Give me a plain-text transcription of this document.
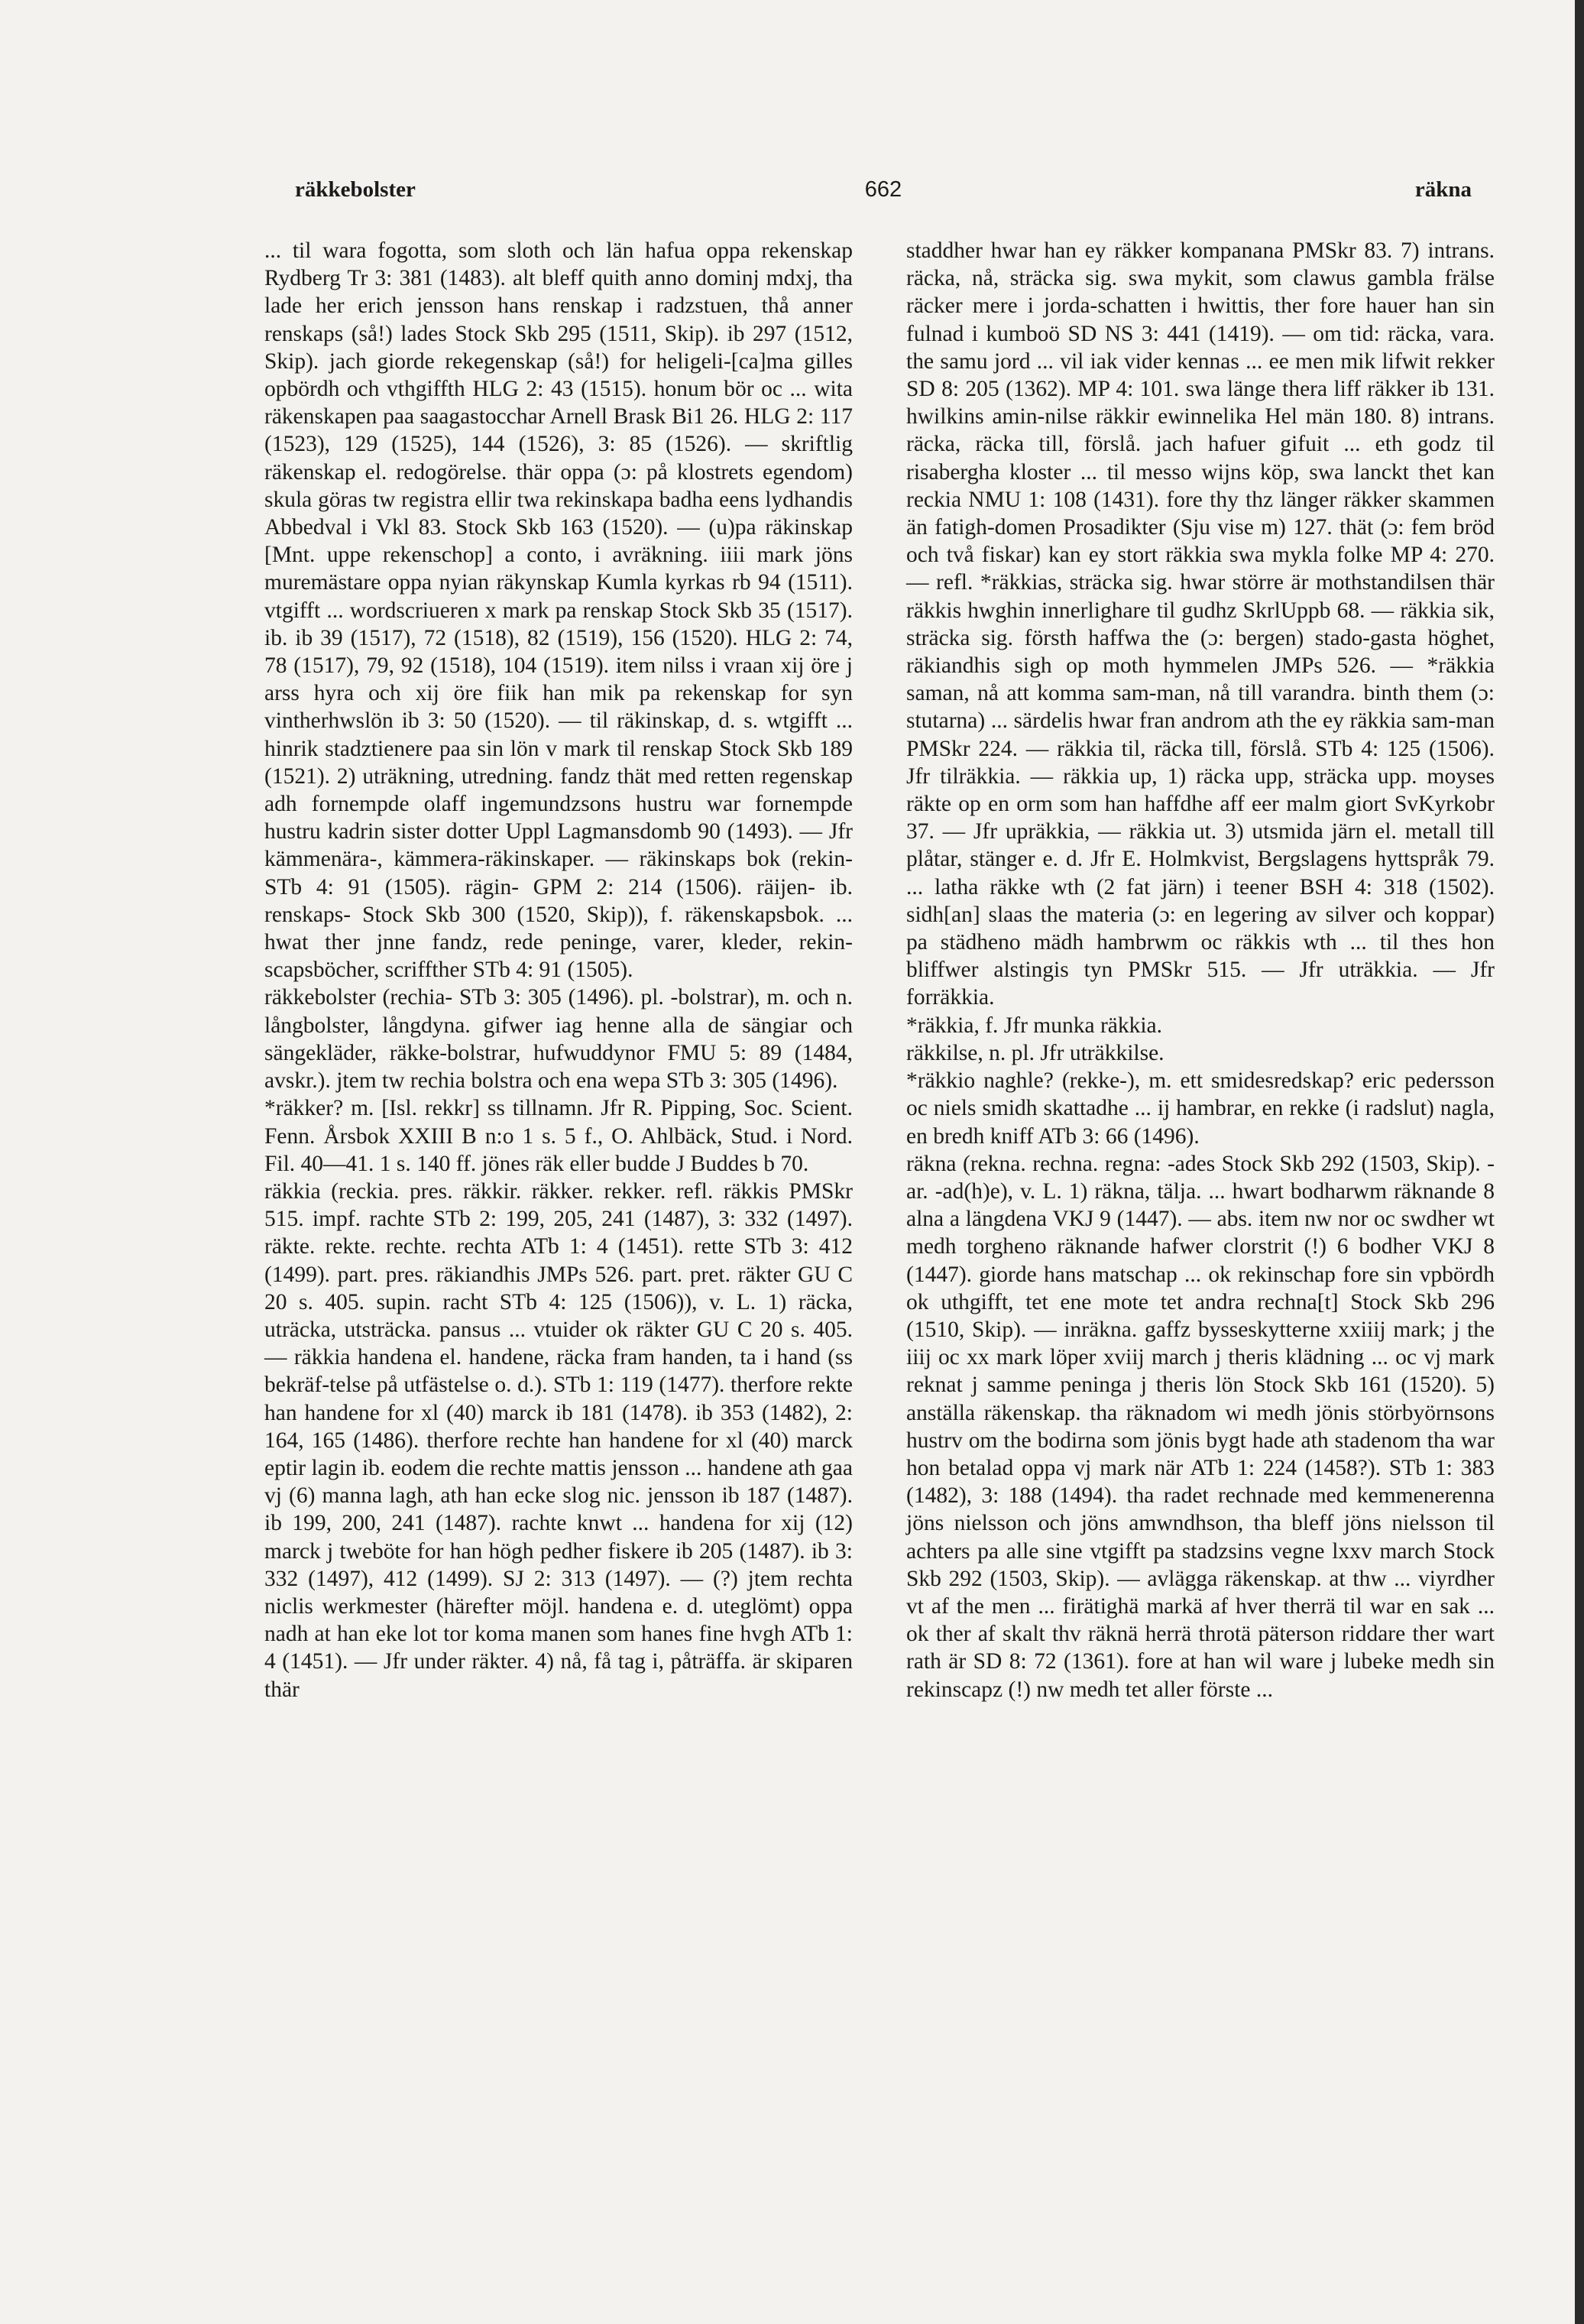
räkkebolster	662	räkna

... til wara fogotta, som sloth och län hafua oppa rekenskap Rydberg Tr 3: 381 (1483). alt bleff quith anno dominj mdxj, tha lade her erich jensson hans renskap i radzstuen, thå anner renskaps (så!) lades Stock Skb 295 (1511, Skip). ib 297 (1512, Skip). jach giorde rekegenskap (så!) for heligeli-[ca]ma gilles opbördh och vthgiffth HLG 2: 43 (1515). honum bör oc ... wita räkenskapen paa saagastocchar Arnell Brask Bi1 26. HLG 2: 117 (1523), 129 (1525), 144 (1526), 3: 85 (1526). — skriftlig räkenskap el. redogörelse. thär oppa (ɔ: på klostrets egendom) skula göras tw registra ellir twa rekinskapa badha eens lydhandis Abbedval i Vkl 83. Stock Skb 163 (1520). — (u)pa räkinskap [Mnt. uppe rekenschop] a conto, i avräkning. iiii mark jöns muremästare oppa nyian räkynskap Kumla kyrkas rb 94 (1511). vtgifft ... wordscriueren x mark pa renskap Stock Skb 35 (1517). ib. ib 39 (1517), 72 (1518), 82 (1519), 156 (1520). HLG 2: 74, 78 (1517), 79, 92 (1518), 104 (1519). item nilss i vraan xij öre j arss hyra och xij öre fiik han mik pa rekenskap for syn vintherhwslön ib 3: 50 (1520). — til räkinskap, d. s. wtgifft ... hinrik stadztienere paa sin lön v mark til renskap Stock Skb 189 (1521). 2) uträkning, utredning. fandz thät med retten regenskap adh fornempde olaff ingemundzsons hustru war fornempde hustru kadrin sister dotter Uppl Lagmansdomb 90 (1493). — Jfr kämmenära-, kämmera-räkinskaper. — räkinskaps bok (rekin- STb 4: 91 (1505). rägin- GPM 2: 214 (1506). räijen- ib. renskaps- Stock Skb 300 (1520, Skip)), f. räkenskapsbok. ... hwat ther jnne fandz, rede peninge, varer, kleder, rekin-scapsböcher, scriffther STb 4: 91 (1505).

räkkebolster (rechia- STb 3: 305 (1496). pl. -bolstrar), m. och n. långbolster, långdyna. gifwer iag henne alla de sängiar och sängekläder, räkke-bolstrar, hufwuddynor FMU 5: 89 (1484, avskr.). jtem tw rechia bolstra och ena wepa STb 3: 305 (1496).

*räkker? m. [Isl. rekkr] ss tillnamn. Jfr R. Pipping, Soc. Scient. Fenn. Årsbok XXIII B n:o 1 s. 5 f., O. Ahlbäck, Stud. i Nord. Fil. 40—41. 1 s. 140 ff. jönes räk eller budde J Buddes b 70.

räkkia (reckia. pres. räkkir. räkker. rekker. refl. räkkis PMSkr 515. impf. rachte STb 2: 199, 205, 241 (1487), 3: 332 (1497). räkte. rekte. rechte. rechta ATb 1: 4 (1451). rette STb 3: 412 (1499). part. pres. räkiandhis JMPs 526. part. pret. räkter GU C 20 s. 405. supin. racht STb 4: 125 (1506)), v. L. 1) räcka, uträcka, utsträcka. pansus ... vtuider ok räkter GU C 20 s. 405. — räkkia handena el. handene, räcka fram handen, ta i hand (ss bekräf-telse på utfästelse o. d.). STb 1: 119 (1477). therfore rekte han handene for xl (40) marck ib 181 (1478). ib 353 (1482), 2: 164, 165 (1486). therfore rechte han handene for xl (40) marck eptir lagin ib. eodem die rechte mattis jensson ... handene ath gaa vj (6) manna lagh, ath han ecke slog nic. jensson ib 187 (1487). ib 199, 200, 241 (1487). rachte knwt ... handena for xij (12) marck j tweböte for han högh pedher fiskere ib 205 (1487). ib 3: 332 (1497), 412 (1499). SJ 2: 313 (1497). — (?) jtem rechta niclis werkmester (härefter möjl. handena e. d. uteglömt) oppa nadh at han eke lot tor koma manen som hanes fine hvgh ATb 1: 4 (1451). — Jfr under räkter. 4) nå, få tag i, påträffa. är skiparen thär

staddher hwar han ey räkker kompanana PMSkr 83. 7) intrans. räcka, nå, sträcka sig. swa mykit, som clawus gambla frälse räcker mere i jorda-schatten i hwittis, ther fore hauer han sin fulnad i kumboö SD NS 3: 441 (1419). — om tid: räcka, vara. the samu jord ... vil iak vider kennas ... ee men mik lifwit rekker SD 8: 205 (1362). MP 4: 101. swa länge thera liff räkker ib 131. hwilkins amin-nilse räkkir ewinnelika Hel män 180. 8) intrans. räcka, räcka till, förslå. jach hafuer gifuit ... eth godz til risabergha kloster ... til messo wijns köp, swa lanckt thet kan reckia NMU 1: 108 (1431). fore thy thz länger räkker skammen än fatigh-domen Prosadikter (Sju vise m) 127. thät (ɔ: fem bröd och två fiskar) kan ey stort räkkia swa mykla folke MP 4: 270. — refl. *räkkias, sträcka sig. hwar större är mothstandilsen thär räkkis hwghin innerlighare til gudhz SkrlUppb 68. — räkkia sik, sträcka sig. försth haffwa the (ɔ: bergen) stado-gasta höghet, räkiandhis sigh op moth hymmelen JMPs 526. — *räkkia saman, nå att komma sam-man, nå till varandra. binth them (ɔ: stutarna) ... särdelis hwar fran androm ath the ey räkkia sam-man PMSkr 224. — räkkia til, räcka till, förslå. STb 4: 125 (1506). Jfr tilräkkia. — räkkia up, 1) räcka upp, sträcka upp. moyses räkte op en orm som han haffdhe aff eer malm giort SvKyrkobr 37. — Jfr upräkkia, — räkkia ut. 3) utsmida järn el. metall till plåtar, stänger e. d. Jfr E. Holmkvist, Bergslagens hyttspråk 79. ... latha räkke wth (2 fat järn) i teener BSH 4: 318 (1502). sidh[an] slaas the materia (ɔ: en legering av silver och koppar) pa städheno mädh hambrwm oc räkkis wth ... til thes hon bliffwer alstingis tyn PMSkr 515. — Jfr uträkkia. — Jfr forräkkia.

*räkkia, f. Jfr munka räkkia.

räkkilse, n. pl. Jfr uträkkilse.

*räkkio naghle? (rekke-), m. ett smidesredskap? eric pedersson oc niels smidh skattadhe ... ij hambrar, en rekke (i radslut) nagla, en bredh kniff ATb 3: 66 (1496).

räkna (rekna. rechna. regna: -ades Stock Skb 292 (1503, Skip). -ar. -ad(h)e), v. L. 1) räkna, tälja. ... hwart bodharwm räknande 8 alna a längdena VKJ 9 (1447). — abs. item nw nor oc swdher wt medh torgheno räknande hafwer clorstrit (!) 6 bodher VKJ 8 (1447). giorde hans matschap ... ok rekinschap fore sin vpbördh ok uthgifft, tet ene mote tet andra rechna[t] Stock Skb 296 (1510, Skip). — inräkna. gaffz bysseskytterne xxiiij mark; j the iiij oc xx mark löper xviij march j theris klädning ... oc vj mark reknat j samme peninga j theris lön Stock Skb 161 (1520). 5) anställa räkenskap. tha räknadom wi medh jönis störbyörnsons hustrv om the bodirna som jönis bygt hade ath stadenom tha war hon betalad oppa vj mark när ATb 1: 224 (1458?). STb 1: 383 (1482), 3: 188 (1494). tha radet rechnade med kemmenerenna jöns nielsson och jöns amwndhson, tha bleff jöns nielsson til achters pa alle sine vtgifft pa stadzsins vegne lxxv march Stock Skb 292 (1503, Skip). — avlägga räkenskap. at thw ... viyrdher vt af the men ... firätighä markä af hver therrä til war en sak ... ok ther af skalt thv räknä herrä throtä päterson riddare ther wart rath är SD 8: 72 (1361). fore at han wil ware j lubeke medh sin rekinscapz (!) nw medh tet aller förste ...
